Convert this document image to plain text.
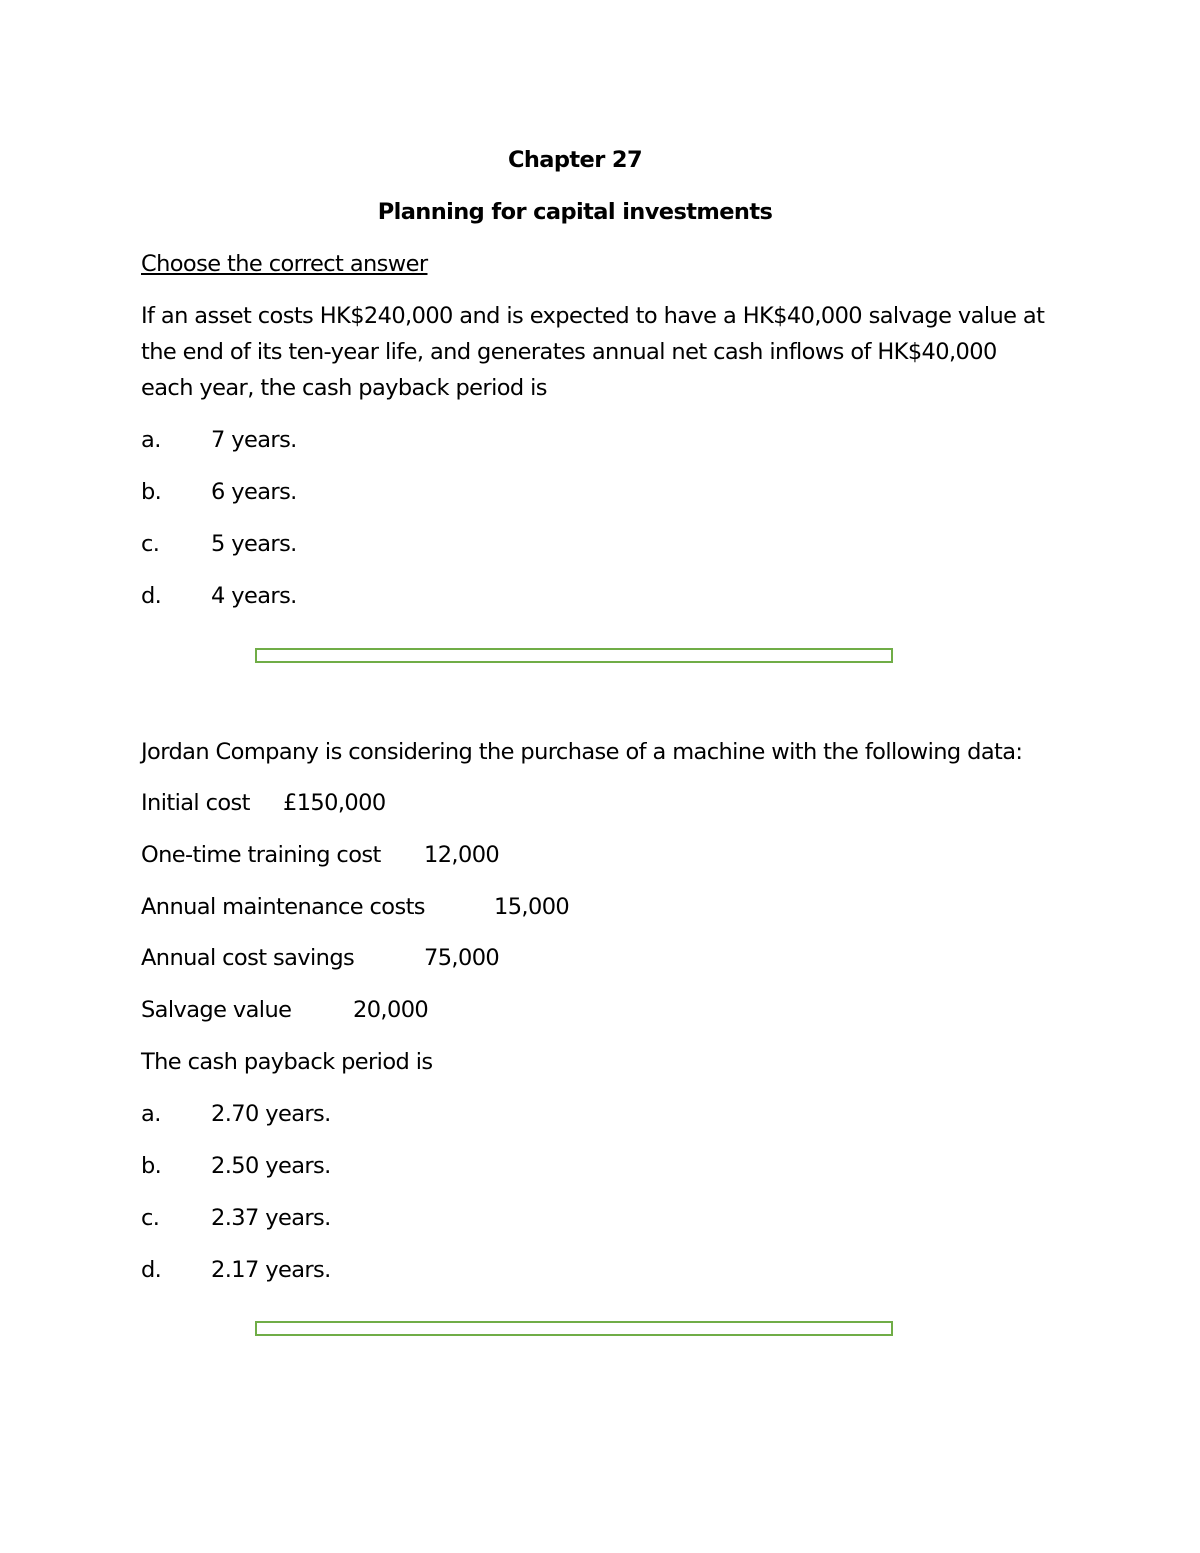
Chapter 27
Planning for capital investments
Choose the correct answer
If an asset costs HK$240,000 and is expected to have a HK$40,000 salvage value at
the end of its ten-year life, and generates annual net cash inflows of HK$40,000
each year, the cash payback period is
a. 7 years.
b. 6 years.
c. 5 years.
d. 4 years.
Jordan Company is considering the purchase of a machine with the following data:
Initial cost £150,000
One-time training cost 12,000
Annual maintenance costs	15,000
Annual cost savings	75,000
Salvage value	20,000
The cash payback period is
a. 2.70 years.
b. 2.50 years.
c. 2.37 years.
d. 2.17 years.
